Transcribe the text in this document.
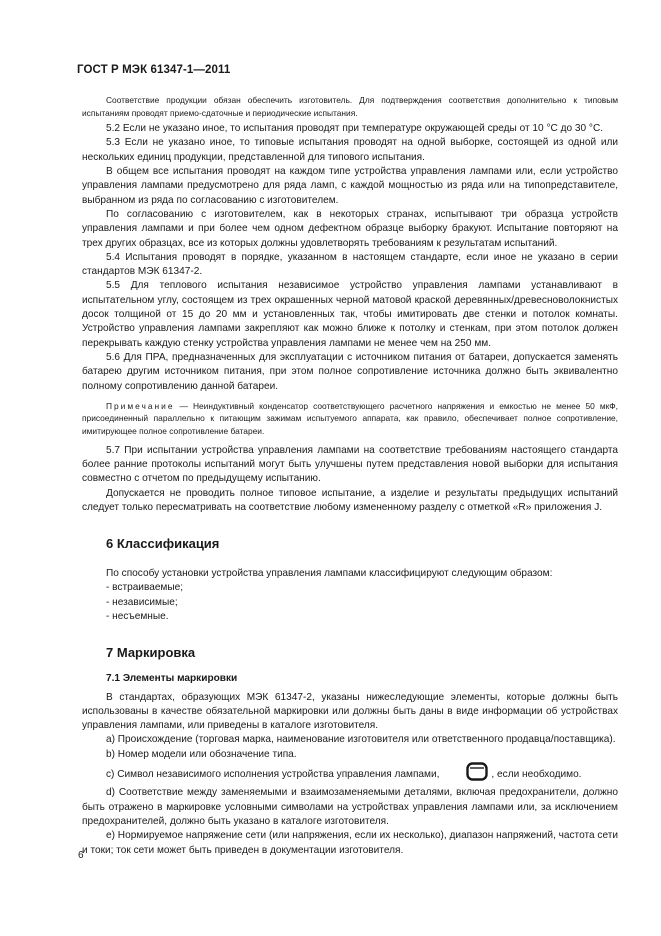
ГОСТ Р МЭК 61347-1—2011

Соответствие продукции обязан обеспечить изготовитель. Для подтверждения соответствия дополнительно к типовым испытаниям проводят приемо-сдаточные и периодические испытания.

5.2 Если не указано иное, то испытания проводят при температуре окружающей среды от 10 °С до 30 °С.

5.3 Если не указано иное, то типовые испытания проводят на одной выборке, состоящей из одной или нескольких единиц продукции, представленной для типового испытания.

В общем все испытания проводят на каждом типе устройства управления лампами или, если устройство управления лампами предусмотрено для ряда ламп, с каждой мощностью из ряда или на типопредставителе, выбранном из ряда по согласованию с изготовителем.

По согласованию с изготовителем, как в некоторых странах, испытывают три образца устройств управления лампами и при более чем одном дефектном образце выборку бракуют. Испытание повторяют на трех других образцах, все из которых должны удовлетворять требованиям к результатам испытаний.

5.4 Испытания проводят в порядке, указанном в настоящем стандарте, если иное не указано в серии стандартов МЭК 61347-2.

5.5 Для теплового испытания независимое устройство управления лампами устанавливают в испытательном углу, состоящем из трех окрашенных черной матовой краской деревянных/древесноволокнистых досок толщиной от 15 до 20 мм и установленных так, чтобы имитировать две стенки и потолок комнаты. Устройство управления лампами закрепляют как можно ближе к потолку и стенкам, при этом потолок должен перекрывать каждую стенку устройства управления лампами не менее чем на 250 мм.

5.6 Для ПРА, предназначенных для эксплуатации с источником питания от батареи, допускается заменять батарею другим источником питания, при этом полное сопротивление источника должно быть эквивалентно полному сопротивлению данной батареи.

Примечание — Неиндуктивный конденсатор соответствующего расчетного напряжения и емкостью не менее 50 мкФ, присоединенный параллельно к питающим зажимам испытуемого аппарата, как правило, обеспечивает полное сопротивление, имитирующее полное сопротивление батареи.

5.7 При испытании устройства управления лампами на соответствие требованиям настоящего стандарта более ранние протоколы испытаний могут быть улучшены путем представления новой выборки для испытания совместно с отчетом по предыдущему испытанию.

Допускается не проводить полное типовое испытание, а изделие и результаты предыдущих испытаний следует только пересматривать на соответствие любому измененному разделу с отметкой «R» приложения J.

6 Классификация

По способу установки устройства управления лампами классифицируют следующим образом:

- встраиваемые;

- независимые;

- несъемные.

7 Маркировка
7.1 Элементы маркировки

В стандартах, образующих МЭК 61347-2, указаны нижеследующие элементы, которые должны быть использованы в качестве обязательной маркировки или должны быть даны в виде информации об устройствах управления лампами, или приведены в каталоге изготовителя.

a) Происхождение (торговая марка, наименование изготовителя или ответственного продавца/поставщика).

b) Номер модели или обозначение типа.

c) Символ независимого исполнения устройства управления лампами,	, если необходимо.

d) Соответствие между заменяемыми и взаимозаменяемыми деталями, включая предохранители, должно быть отражено в маркировке условными символами на устройствах управления лампами или, за исключением предохранителей, должно быть указано в каталоге изготовителя.

e) Нормируемое напряжение сети (или напряжения, если их несколько), диапазон напряжений, частота сети и токи; ток сети может быть приведен в документации изготовителя.

6
